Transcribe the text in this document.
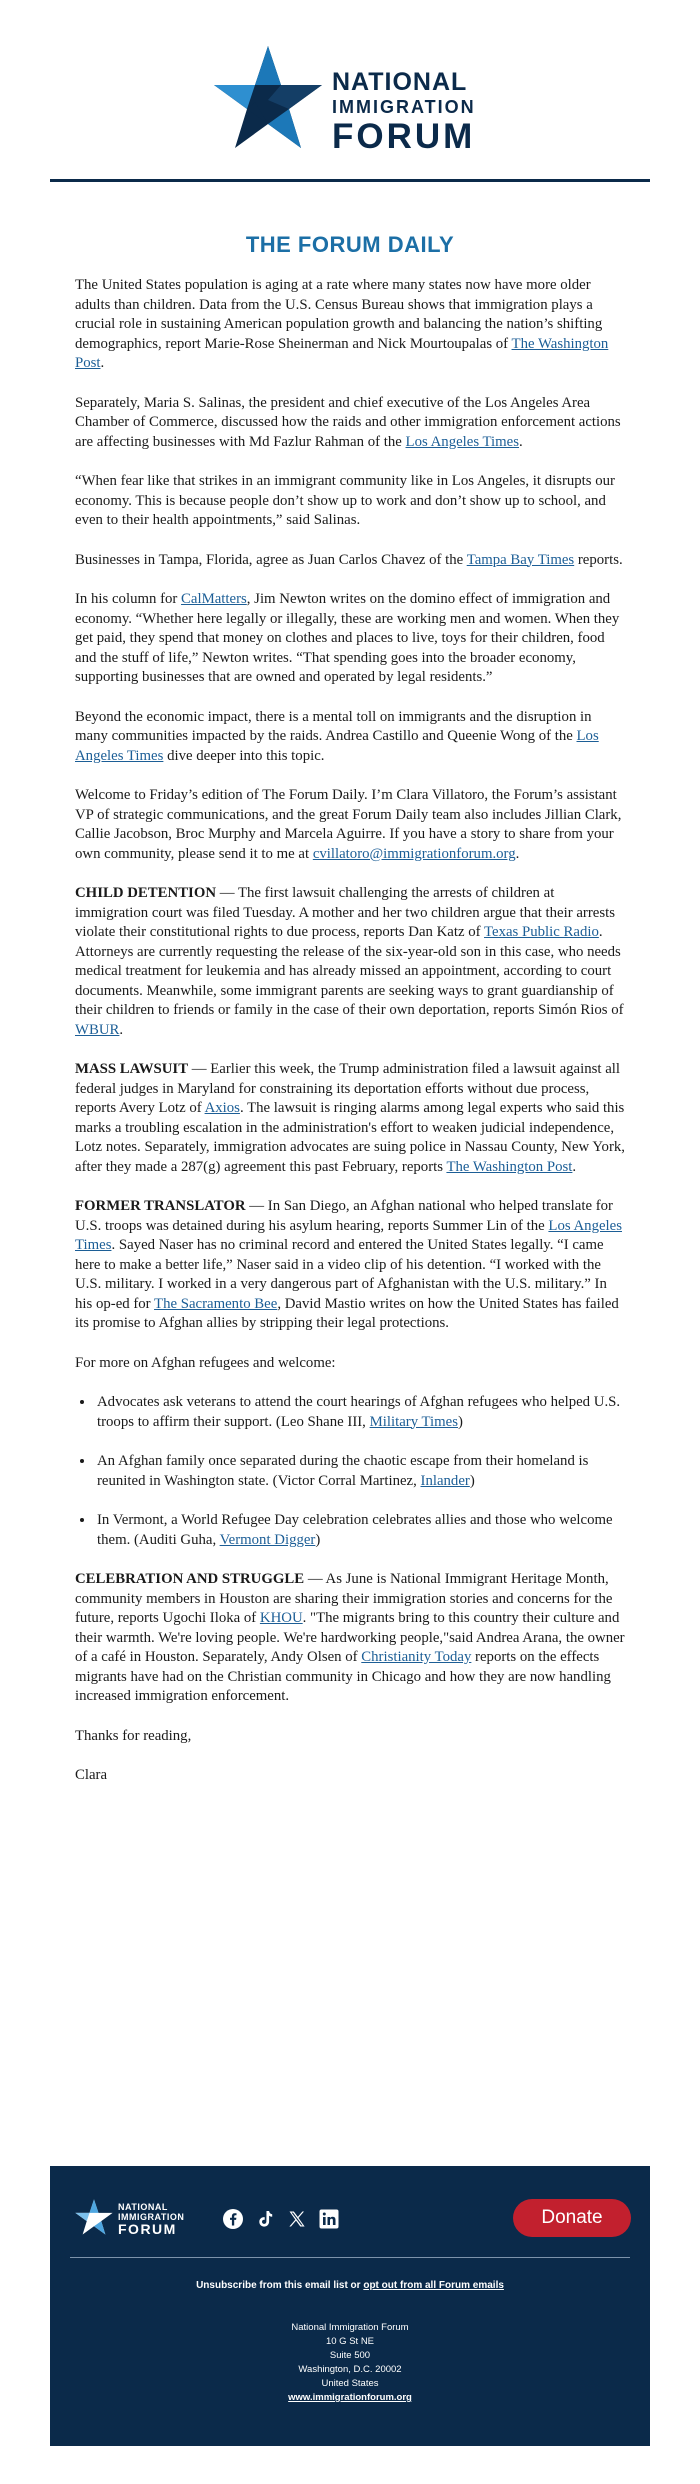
NATIONAL
IMMIGRATION
FORUM
THE FORUM DAILY

The United States population is aging at a rate where many states now have more older adults than children. Data from the U.S. Census Bureau shows that immigration plays a crucial role in sustaining American population growth and balancing the nation’s shifting demographics, report Marie-Rose Sheinerman and Nick Mourtoupalas of The Washington Post.

Separately, Maria S. Salinas, the president and chief executive of the Los Angeles Area Chamber of Commerce, discussed how the raids and other immigration enforcement actions are affecting businesses with Md Fazlur Rahman of the Los Angeles Times.

“When fear like that strikes in an immigrant community like in Los Angeles, it disrupts our economy. This is because people don’t show up to work and don’t show up to school, and even to their health appointments,” said Salinas.

Businesses in Tampa, Florida, agree as Juan Carlos Chavez of the Tampa Bay Times reports.

In his column for CalMatters, Jim Newton writes on the domino effect of immigration and economy. “Whether here legally or illegally, these are working men and women. When they get paid, they spend that money on clothes and places to live, toys for their children, food and the stuff of life,” Newton writes. “That spending goes into the broader economy, supporting businesses that are owned and operated by legal residents.”

Beyond the economic impact, there is a mental toll on immigrants and the disruption in many communities impacted by the raids. Andrea Castillo and Queenie Wong of the Los Angeles Times dive deeper into this topic.

Welcome to Friday’s edition of The Forum Daily. I’m Clara Villatoro, the Forum’s assistant VP of strategic communications, and the great Forum Daily team also includes Jillian Clark, Callie Jacobson, Broc Murphy and Marcela Aguirre. If you have a story to share from your own community, please send it to me at cvillatoro@immigrationforum.org.

CHILD DETENTION — The first lawsuit challenging the arrests of children at immigration court was filed Tuesday. A mother and her two children argue that their arrests violate their constitutional rights to due process, reports Dan Katz of Texas Public Radio. Attorneys are currently requesting the release of the six-year-old son in this case, who needs medical treatment for leukemia and has already missed an appointment, according to court documents. Meanwhile, some immigrant parents are seeking ways to grant guardianship of their children to friends or family in the case of their own deportation, reports Simón Rios of WBUR.

MASS LAWSUIT — Earlier this week, the Trump administration filed a lawsuit against all federal judges in Maryland for constraining its deportation efforts without due process, reports Avery Lotz of Axios. The lawsuit is ringing alarms among legal experts who said this marks a troubling escalation in the administration's effort to weaken judicial independence, Lotz notes. Separately, immigration advocates are suing police in Nassau County, New York, after they made a 287(g) agreement this past February, reports The Washington Post.

FORMER TRANSLATOR — In San Diego, an Afghan national who helped translate for U.S. troops was detained during his asylum hearing, reports Summer Lin of the Los Angeles Times. Sayed Naser has no criminal record and entered the United States legally. “I came here to make a better life,” Naser said in a video clip of his detention. “I worked with the U.S. military. I worked in a very dangerous part of Afghanistan with the U.S. military.” In his op-ed for The Sacramento Bee, David Mastio writes on how the United States has failed its promise to Afghan allies by stripping their legal protections.

For more on Afghan refugees and welcome:

• Advocates ask veterans to attend the court hearings of Afghan refugees who helped U.S. troops to affirm their support. (Leo Shane III, Military Times)
• An Afghan family once separated during the chaotic escape from their homeland is reunited in Washington state. (Victor Corral Martinez, Inlander)
• In Vermont, a World Refugee Day celebration celebrates allies and those who welcome them. (Auditi Guha, Vermont Digger)

CELEBRATION AND STRUGGLE — As June is National Immigrant Heritage Month, community members in Houston are sharing their immigration stories and concerns for the future, reports Ugochi Iloka of KHOU. "The migrants bring to this country their culture and their warmth. We're loving people. We're hardworking people,"said Andrea Arana, the owner of a café in Houston. Separately, Andy Olsen of Christianity Today reports on the effects migrants have had on the Christian community in Chicago and how they are now handling increased immigration enforcement.

Thanks for reading,

Clara

NATIONAL
IMMIGRATION
FORUM
Donate
Unsubscribe from this email list or opt out from all Forum emails
National Immigration Forum
10 G St NE
Suite 500
Washington, D.C. 20002
United States
www.immigrationforum.org
